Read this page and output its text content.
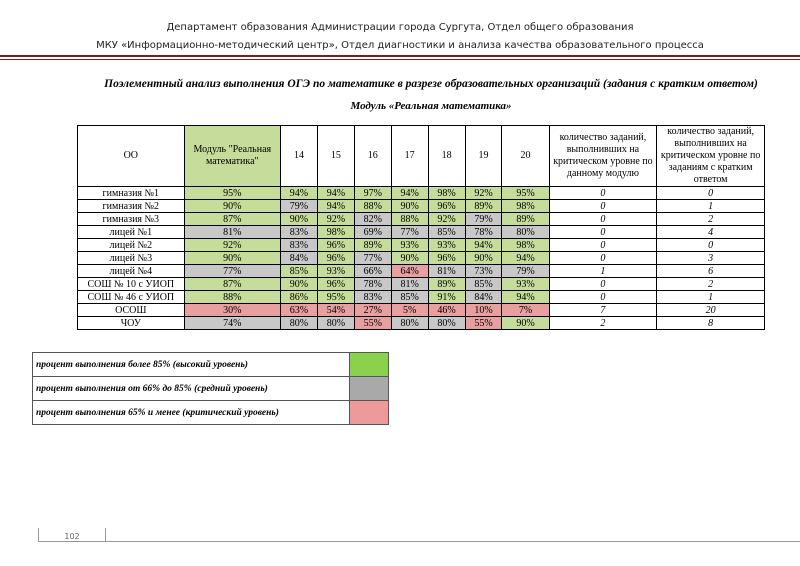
Департамент образования Администрации города Сургута, Отдел общего образования
МКУ «Информационно-методический центр», Отдел диагностики и анализа качества образовательного процесса
Поэлементный анализ выполнения ОГЭ по математике в разрезе образовательных организаций (задания с кратким ответом)
Модуль «Реальная математика»
ОО	Модуль "Реальная математика"	14	15	16	17	18	19	20	количество заданий, выполнивших на критическом уровне по данному модулю	количество заданий, выполнивших на критическом уровне по заданиям с кратким ответом
гимназия №1	95%	94%	94%	97%	94%	98%	92%	95%	0	0
гимназия №2	90%	79%	94%	88%	90%	96%	89%	98%	0	1
гимназия №3	87%	90%	92%	82%	88%	92%	79%	89%	0	2
лицей №1	81%	83%	98%	69%	77%	85%	78%	80%	0	4
лицей №2	92%	83%	96%	89%	93%	93%	94%	98%	0	0
лицей №3	90%	84%	96%	77%	90%	96%	90%	94%	0	3
лицей №4	77%	85%	93%	66%	64%	81%	73%	79%	1	6
СОШ № 10 с УИОП	87%	90%	96%	78%	81%	89%	85%	93%	0	2
СОШ № 46 с УИОП	88%	86%	95%	83%	85%	91%	84%	94%	0	1
ОСОШ	30%	63%	54%	27%	5%	46%	10%	7%	7	20
ЧОУ	74%	80%	80%	55%	80%	80%	55%	90%	2	8
процент выполнения более 85% (высокий уровень)	
процент выполнения от 66% до 85% (средний уровень)	
процент выполнения 65% и менее (критический уровень)	
102
